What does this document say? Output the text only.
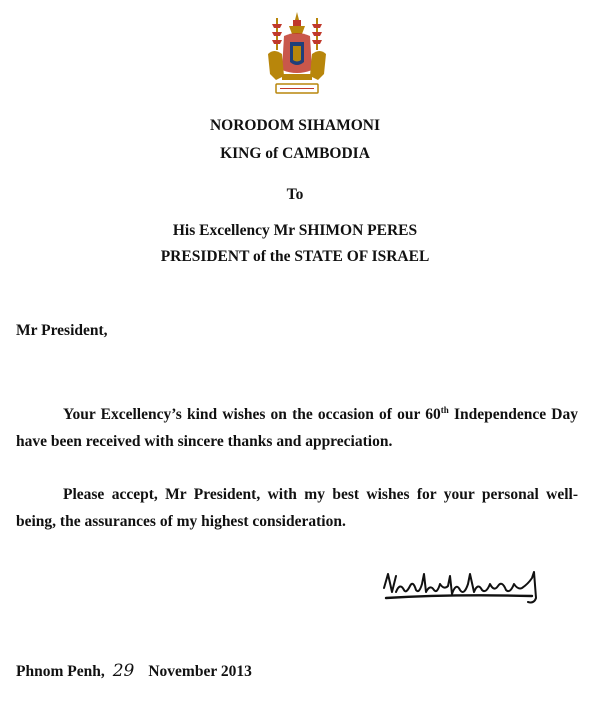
NORODOM SIHAMONI
KING of CAMBODIA
To
His Excellency Mr SHIMON PERES
PRESIDENT of the STATE OF ISRAEL
Mr President,
Your Excellency’s kind wishes on the occasion of our 60th Independence Day have been received with sincere thanks and appreciation.
Please accept, Mr President, with my best wishes for your personal well-being, the assurances of my highest consideration.
Phnom Penh, 29 November 2013
